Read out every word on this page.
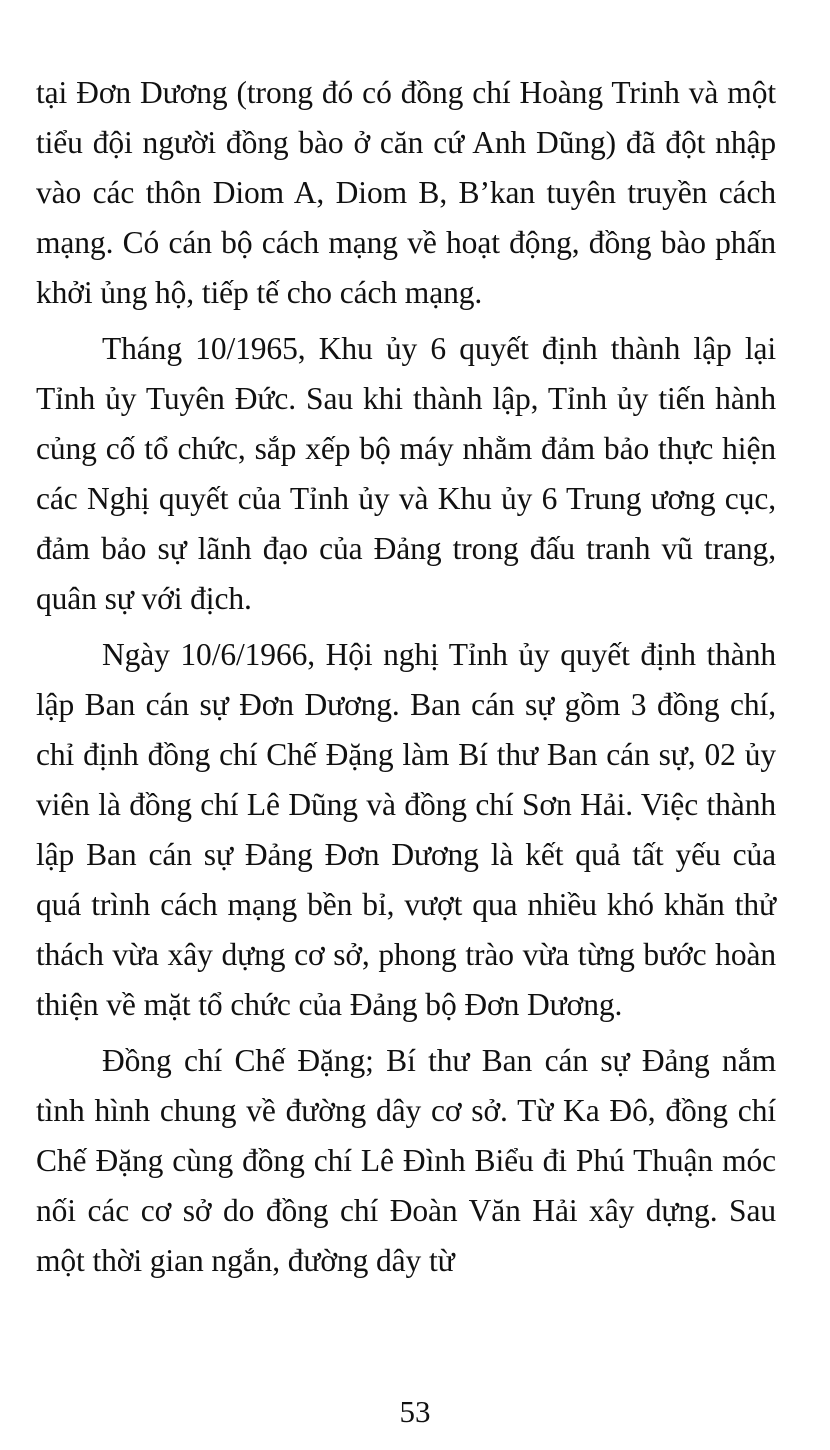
tại Đơn Dương (trong đó có đồng chí Hoàng Trinh và một tiểu đội người đồng bào ở căn cứ Anh Dũng) đã đột nhập vào các thôn Diom A, Diom B, B’kan tuyên truyền cách mạng. Có cán bộ cách mạng về hoạt động, đồng bào phấn khởi ủng hộ, tiếp tế cho cách mạng.

Tháng 10/1965, Khu ủy 6 quyết định thành lập lại Tỉnh ủy Tuyên Đức. Sau khi thành lập, Tỉnh ủy tiến hành củng cố tổ chức, sắp xếp bộ máy nhằm đảm bảo thực hiện các Nghị quyết của Tỉnh ủy và Khu ủy 6 Trung ương cục, đảm bảo sự lãnh đạo của Đảng trong đấu tranh vũ trang, quân sự với địch.

Ngày 10/6/1966, Hội nghị Tỉnh ủy quyết định thành lập Ban cán sự Đơn Dương. Ban cán sự gồm 3 đồng chí, chỉ định đồng chí Chế Đặng làm Bí thư Ban cán sự, 02 ủy viên là đồng chí Lê Dũng và đồng chí Sơn Hải. Việc thành lập Ban cán sự Đảng Đơn Dương là kết quả tất yếu của quá trình cách mạng bền bỉ, vượt qua nhiều khó khăn thử thách vừa xây dựng cơ sở, phong trào vừa từng bước hoàn thiện về mặt tổ chức của Đảng bộ Đơn Dương.

Đồng chí Chế Đặng; Bí thư Ban cán sự Đảng nắm tình hình chung về đường dây cơ sở. Từ Ka Đô, đồng chí Chế Đặng cùng đồng chí Lê Đình Biểu đi Phú Thuận móc nối các cơ sở do đồng chí Đoàn Văn Hải xây dựng. Sau một thời gian ngắn, đường dây từ

53
